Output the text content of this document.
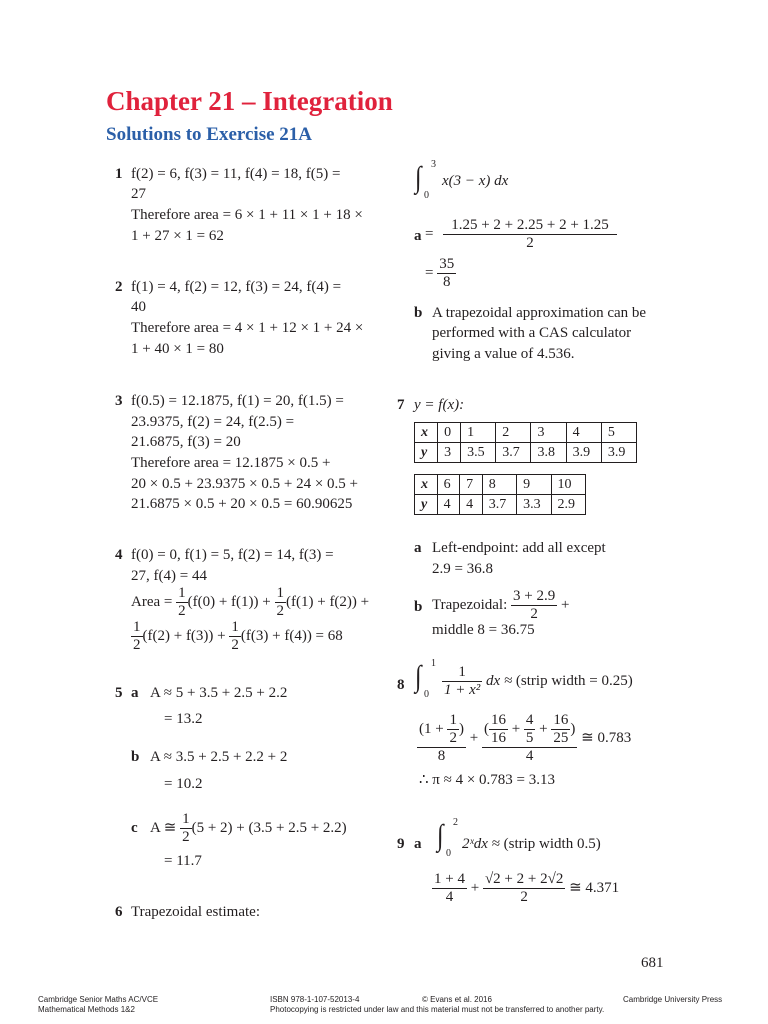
Chapter 21 – Integration
Solutions to Exercise 21A
1 f(2) = 6, f(3) = 11, f(4) = 18, f(5) =
27
Therefore area = 6 × 1 + 11 × 1 + 18 ×
1 + 27 × 1 = 62
2 f(1) = 4, f(2) = 12, f(3) = 24, f(4) =
40
Therefore area = 4 × 1 + 12 × 1 + 24 ×
1 + 40 × 1 = 80
3 f(0.5) = 12.1875, f(1) = 20, f(1.5) =
23.9375, f(2) = 24, f(2.5) =
21.6875, f(3) = 20
Therefore area = 12.1875 × 0.5 +
20 × 0.5 + 23.9375 × 0.5 + 24 × 0.5 +
21.6875 × 0.5 + 20 × 0.5 = 60.90625
4 f(0) = 0, f(1) = 5, f(2) = 14, f(3) =
27, f(4) = 44
Area = $\frac{1}{2} (f(0) + f(1)) + \frac{1}{2} (f(1) + f(2))$ +
$\frac{1}{2} (f(2) + f(3)) + \frac{1}{2} (f(3) + f(4)) = 68$
5 a A ≈ 5 + 3.5 + 2.5 + 2.2
= 13.2
b A ≈ 3.5 + 2.5 + 2.2 + 2
= 10.2
c A ≅ $\frac{1}{2} (5 + 2) + (3.5 + 2.5 + 2.2)$
= 11.7
6 Trapezoidal estimate:
∫ 3
0
x(3 − x) dx
$a = \frac{1.25 + 2 + 2.25 + 2 + 1.25}{2}$
= $\frac{35}{8}$
b A trapezoidal approximation can be
performed with a CAS calculator
giving a value of 4.536.
7 y = f(x):
x	0	1	2	3	4	5
y	3	3.5	3.7	3.8	3.9	3.9
x	6	7	8	9	10
y	4	4	3.7	3.3	2.9
a Left-endpoint: add all except
2.9 = 36.8
b Trapezoidal: $\frac{3 + 2.9}{2}$ +
middle 8 = 36.75
8 ∫ 1
$0 \frac{1}{\text{1 + x²}}$ dx ≈ (strip width = 0.25)
$\frac{(1 + \frac{1}{2} )}{8} + \frac{( \frac{16}{16} + \frac{4}{5} + \frac{16}{25} )}{4}$ ≅ 0.783
∴ π ≈ 4 × 0.783 = 3.13
9 a ∫ 2
0
2ˣdx ≈ (strip width 0.5)
$\frac{1 + 4}{4} + \frac{√2 + 2 + 2√2}{2}$ ≅ 4.371
681
Cambridge Senior Maths AC/VCE
Mathematical Methods 1&2
ISBN 978-1-107-52013-4	© Evans et al. 2016
Photocopying is restricted under law and this material must not be transferred to another party.
Cambridge University Press
